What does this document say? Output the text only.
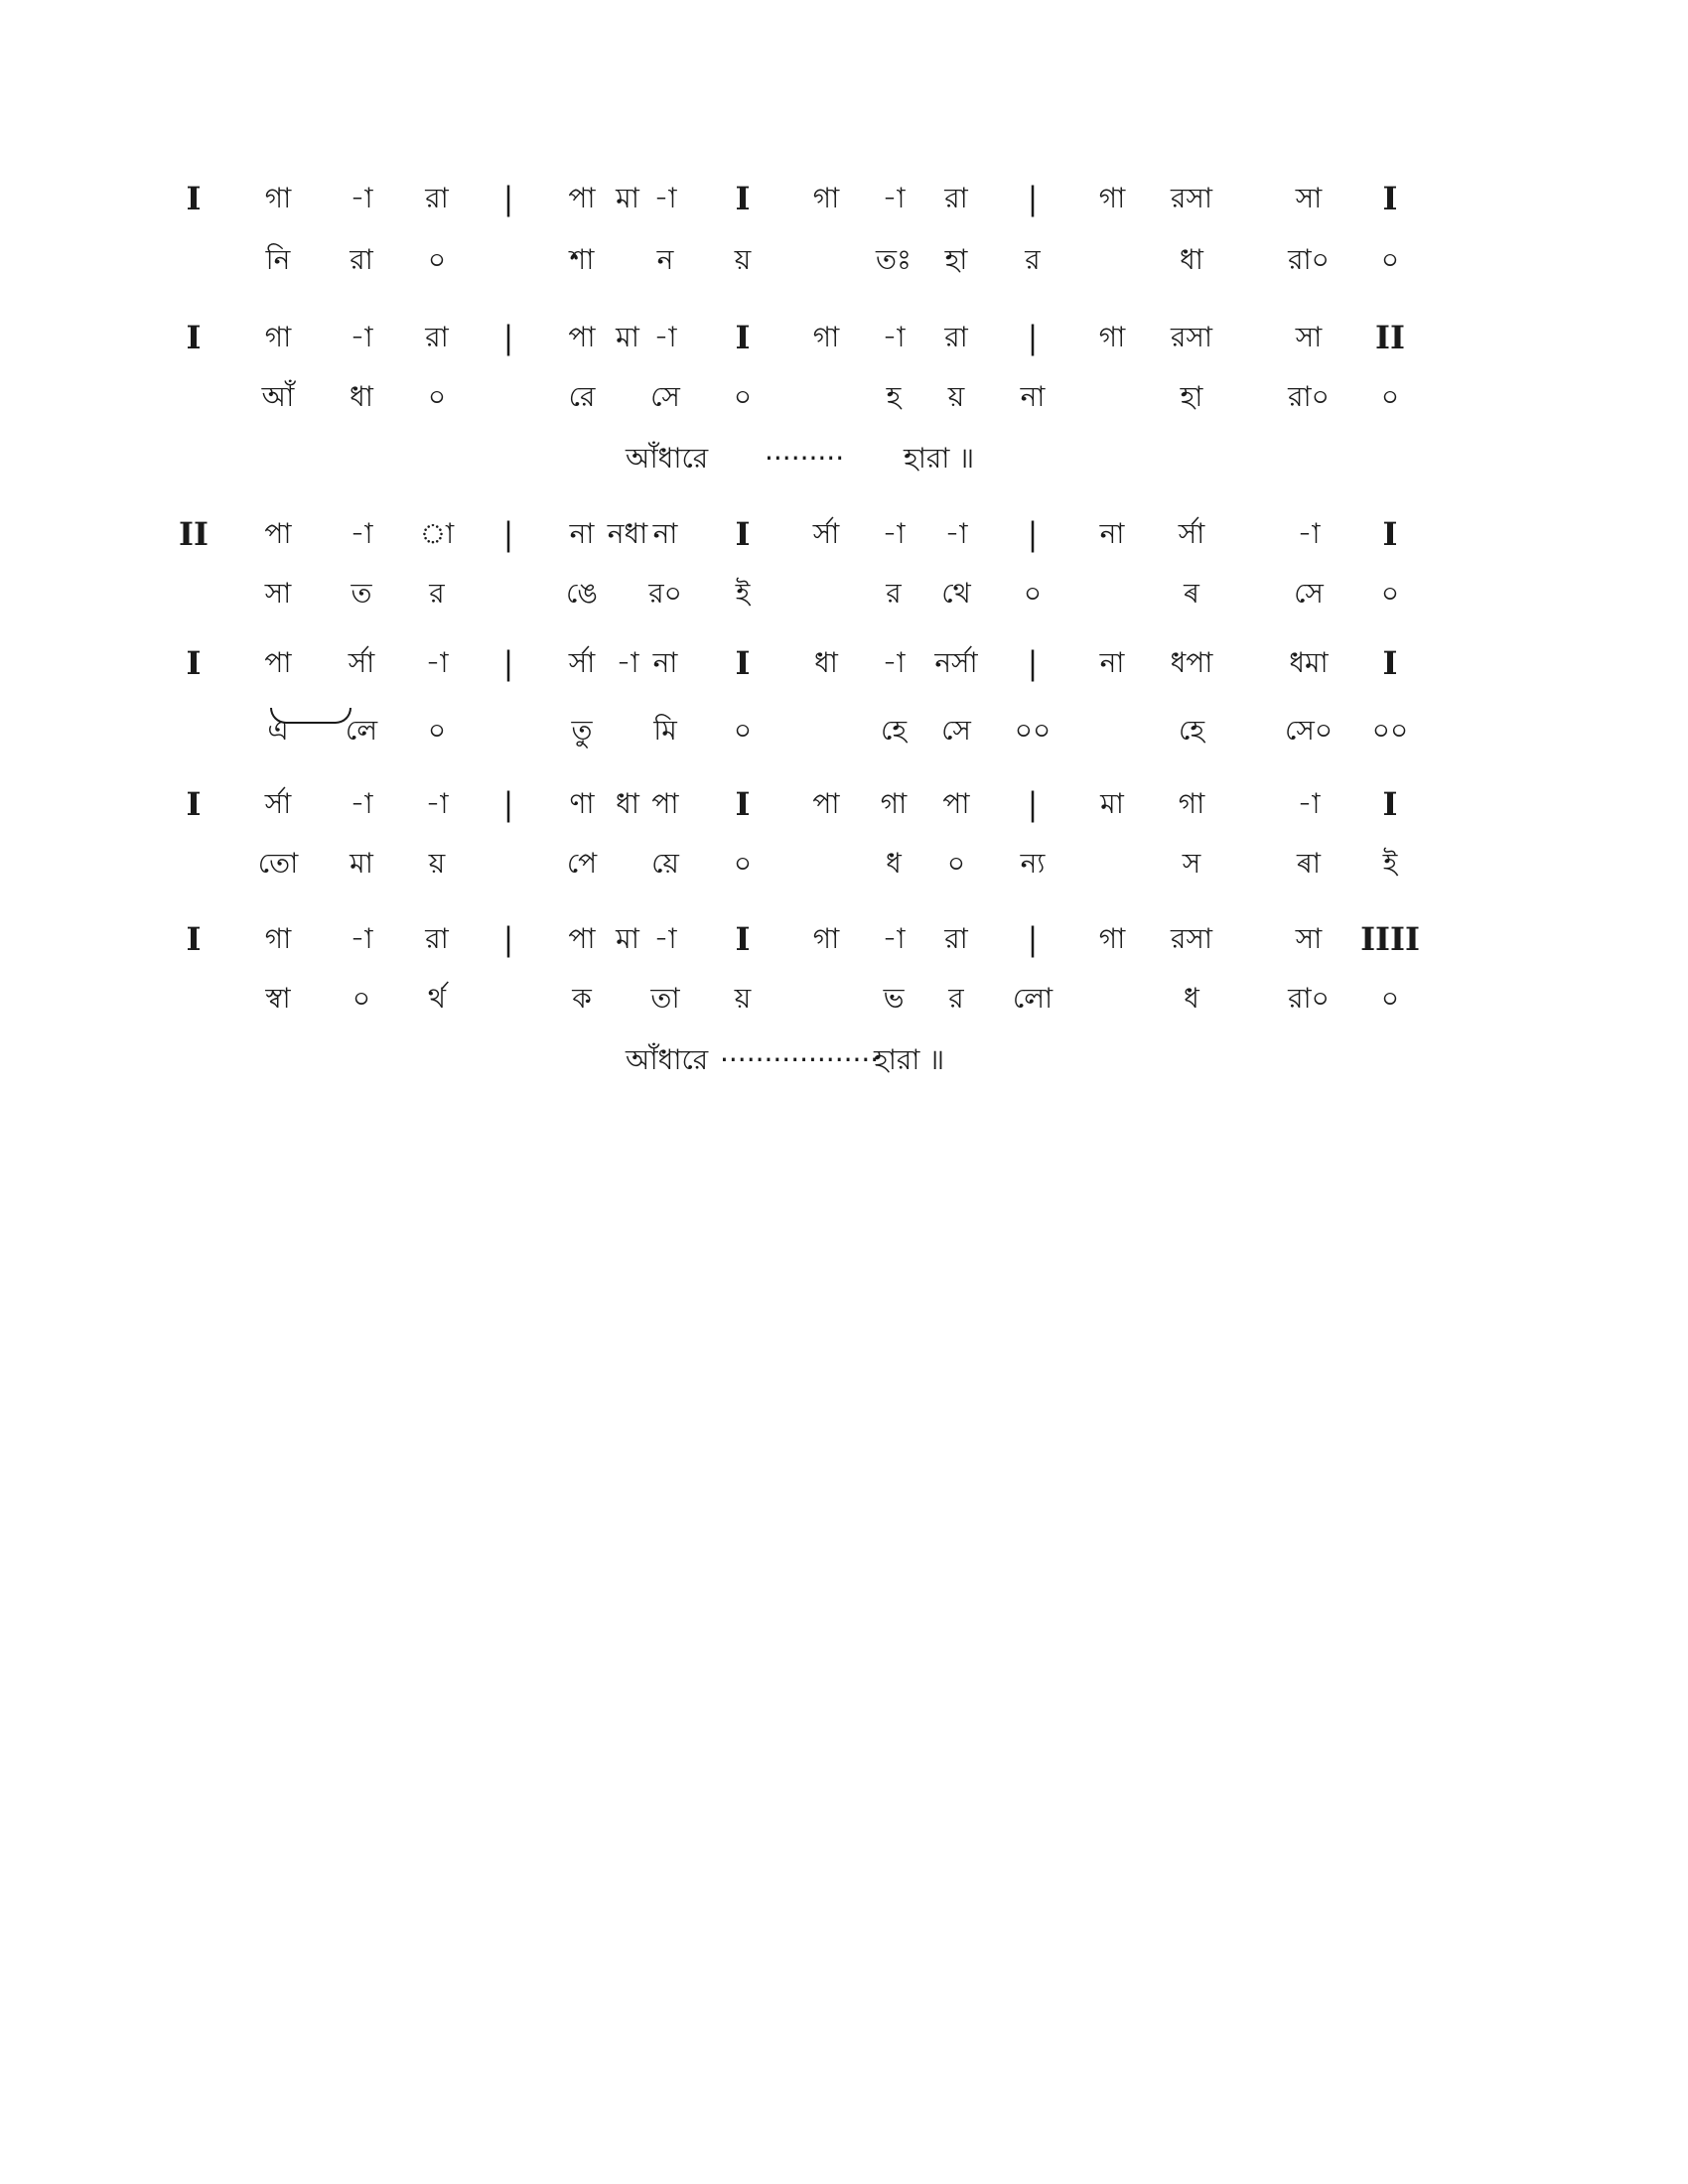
I গা -া রা | পা মা -া I গা -া রা | গা রসা	সা I
নি রা ০	শা ন য়	তঃ হা র	ধা	রা০ ০
I গা -া রা | পা মা -া I গা -া রা | গা রসা	সা II
আঁ ধা ০	রে সে ০	হ য় না	হা	রা০ ০
II পা -া া | না নধা না I র্সা -া -া | না র্সা	-া I
সা ত র	ঙে র০ ই	র থে ০	ৰ	সে ০
I পা র্সা -া | র্সা -া না I ধা -া নর্সা | না ধপা	ধমা I
এ লে ০	তু মি ০	হে সে ০০	হে	সে০ ০০
I র্সা -া -া | ণা ধা পা I পা গা পা | মা গা	-া I
তো মা য়	পে য়ে ০	ধ ০ ন্য	স	ৰা ই
I গা -া রা | পা মা -া I গা -া রা | গা রসা	সা IIII
স্বা ০ র্থ	ক তা য়	ভ র লো	ধ	রা০ ০
আঁধারে ········· হারা ॥
আঁধারে ··················
হারা ॥
